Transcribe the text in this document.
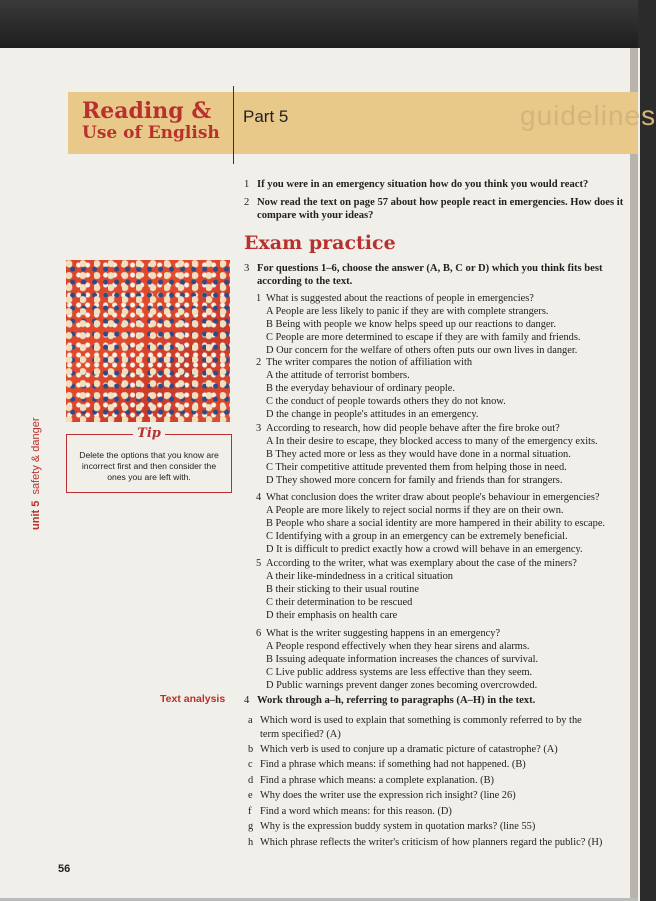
Reading &
Use of English
Part 5	guidelines
1 If you were in an emergency situation how do you think you would react?
2 Now read the text on page 57 about how people react in emergencies. How does it
compare with your ideas?
Exam practice
3 For questions 1–6, choose the answer (A, B, C or D) which you think fits best
according to the text.
1 What is suggested about the reactions of people in emergencies?
A People are less likely to panic if they are with complete strangers.
B Being with people we know helps speed up our reactions to danger.
C People are more determined to escape if they are with family and friends.
D Our concern for the welfare of others often puts our own lives in danger.
2 The writer compares the notion of affiliation with
A the attitude of terrorist bombers.
B the everyday behaviour of ordinary people.
C the conduct of people towards others they do not know.
D the change in people's attitudes in an emergency.
3 According to research, how did people behave after the fire broke out?
A In their desire to escape, they blocked access to many of the emergency exits.
B They acted more or less as they would have done in a normal situation.
C Their competitive attitude prevented them from helping those in need.
D They showed more concern for family and friends than for strangers.
4 What conclusion does the writer draw about people's behaviour in emergencies?
A People are more likely to reject social norms if they are on their own.
B People who share a social identity are more hampered in their ability to escape.
C Identifying with a group in an emergency can be extremely beneficial.
D It is difficult to predict exactly how a crowd will behave in an emergency.
5 According to the writer, what was exemplary about the case of the miners?
A their like-mindedness in a critical situation
B their sticking to their usual routine
C their determination to be rescued
D their emphasis on health care
6 What is the writer suggesting happens in an emergency?
A People respond effectively when they hear sirens and alarms.
B Issuing adequate information increases the chances of survival.
C Live public address systems are less effective than they seem.
D Public warnings prevent danger zones becoming overcrowded.
Tip
Delete the options that you know are incorrect first and then consider the ones you are left with.
unit 5  safety & danger
Text analysis 4 Work through a–h, referring to paragraphs (A–H) in the text.
a Which word is used to explain that something is commonly referred to by the
term specified? (A)
b Which verb is used to conjure up a dramatic picture of catastrophe? (A)
c Find a phrase which means: if something had not happened. (B)
d Find a phrase which means: a complete explanation. (B)
e Why does the writer use the expression rich insight? (line 26)
f Find a word which means: for this reason. (D)
g Why is the expression buddy system in quotation marks? (line 55)
h Which phrase reflects the writer's criticism of how planners regard the public? (H)
56
